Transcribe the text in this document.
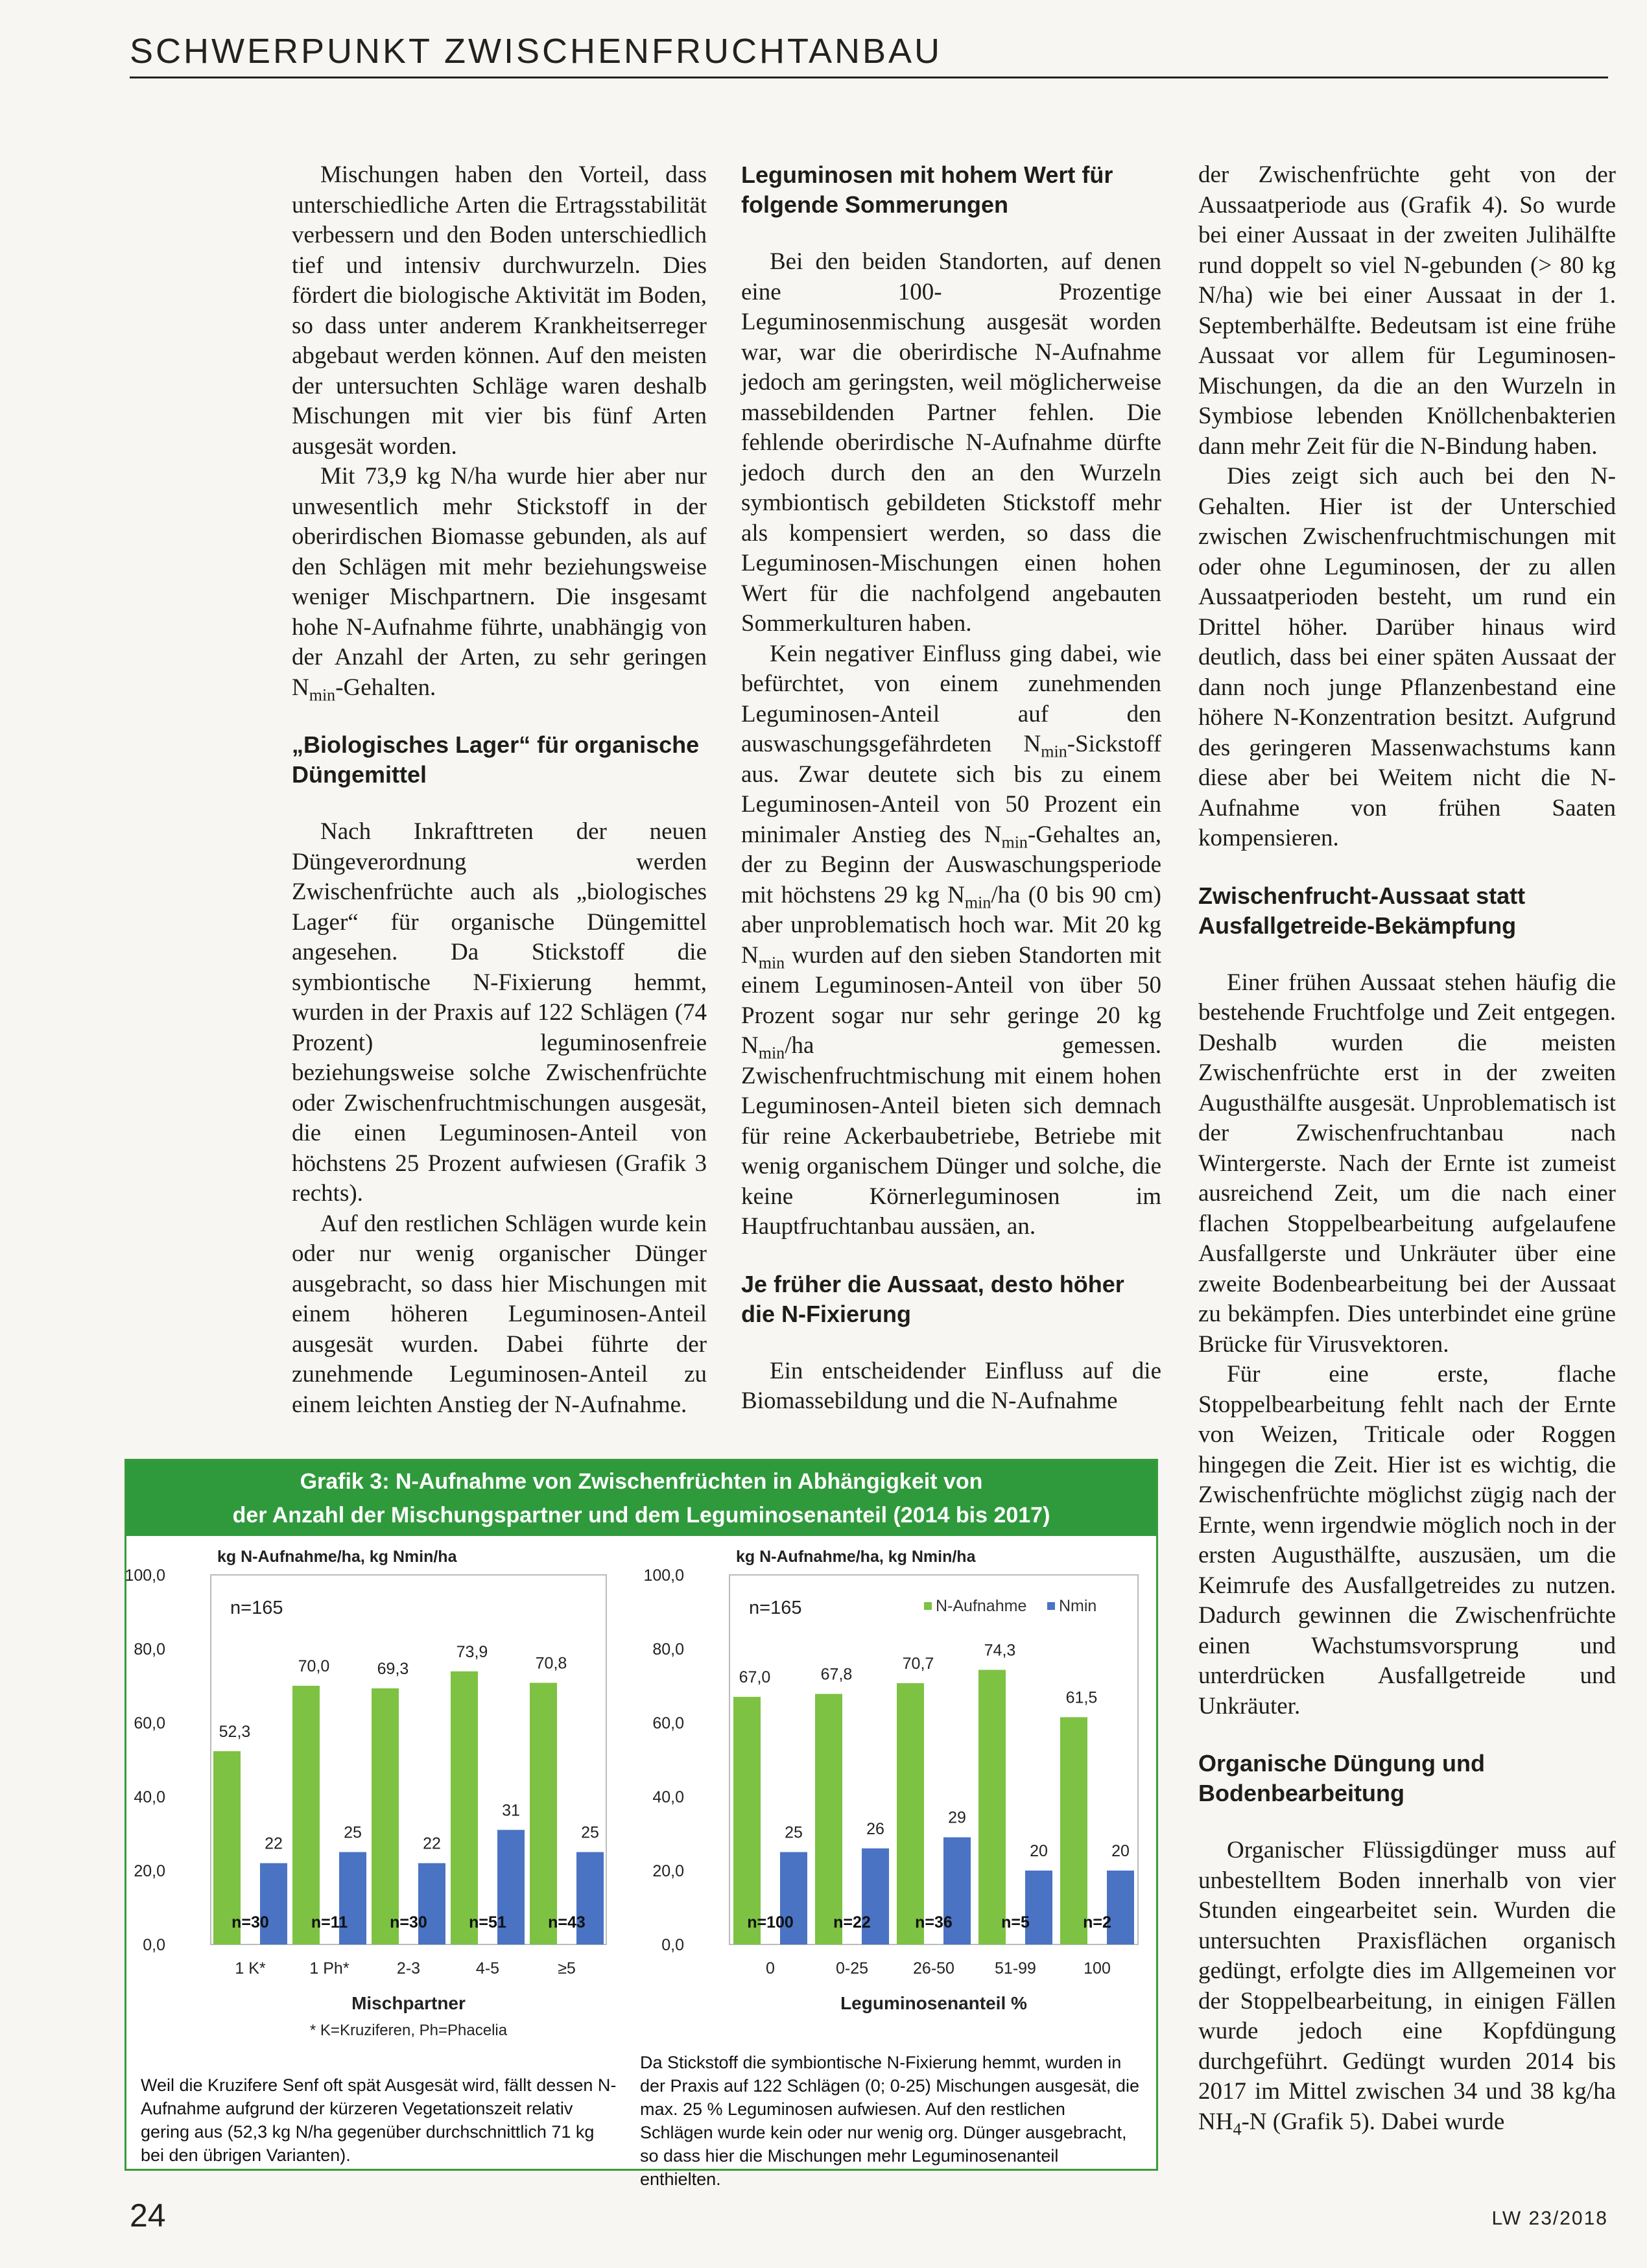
SCHWERPUNKT ZWISCHENFRUCHTANBAU

Mischungen haben den Vorteil, dass unterschiedliche Arten die Ertragsstabilität verbessern und den Boden unterschiedlich tief und intensiv durchwurzeln. Dies fördert die biologische Aktivität im Boden, so dass unter anderem Krankheitserreger abgebaut werden können. Auf den meisten der untersuchten Schläge waren deshalb Mischungen mit vier bis fünf Arten ausgesät worden.

Mit 73,9 kg N/ha wurde hier aber nur unwesentlich mehr Stickstoff in der oberirdischen Biomasse gebunden, als auf den Schlägen mit mehr beziehungsweise weniger Mischpartnern. Die insgesamt hohe N-Aufnahme führte, unabhängig von der Anzahl der Arten, zu sehr geringen $N_{min}$-Gehalten.

„Biologisches Lager“ für organische Düngemittel

Nach Inkrafttreten der neuen Düngeverordnung werden Zwischenfrüchte auch als „biologisches Lager“ für organische Düngemittel angesehen. Da Stickstoff die symbiontische N-Fixierung hemmt, wurden in der Praxis auf 122 Schlägen (74 Prozent) leguminosenfreie beziehungsweise solche Zwischenfrüchte oder Zwischenfruchtmischungen ausgesät, die einen Leguminosen-Anteil von höchstens 25 Prozent aufwiesen (Grafik 3 rechts).

Auf den restlichen Schlägen wurde kein oder nur wenig organischer Dünger ausgebracht, so dass hier Mischungen mit einem höheren Leguminosen-Anteil ausgesät wurden. Dabei führte der zunehmende Leguminosen-Anteil zu einem leichten Anstieg der N-Aufnahme.

Leguminosen mit hohem Wert für folgende Sommerungen

Bei den beiden Standorten, auf denen eine 100- Prozentige Leguminosenmischung ausgesät worden war, war die oberirdische N-Aufnahme jedoch am geringsten, weil möglicherweise massebildenden Partner fehlen. Die fehlende oberirdische N-Aufnahme dürfte jedoch durch den an den Wurzeln symbiontisch gebildeten Stickstoff mehr als kompensiert werden, so dass die Leguminosen-Mischungen einen hohen Wert für die nachfolgend angebauten Sommerkulturen haben.

Kein negativer Einfluss ging dabei, wie befürchtet, von einem zunehmenden Leguminosen-Anteil auf den auswaschungsgefährdeten $N_{min}$-Sickstoff aus. Zwar deutete sich bis zu einem Leguminosen-Anteil von 50 Prozent ein minimaler Anstieg des $N_{min}$-Gehaltes an, der zu Beginn der Auswaschungsperiode mit höchstens 29 kg $N_{min}/ha$ (0 bis 90 cm) aber unproblematisch hoch war. Mit 20 kg $N_{min}$ wurden auf den sieben Standorten mit einem Leguminosen-Anteil von über 50 Prozent sogar nur sehr geringe 20 kg $N_{min}/ha$ gemessen. Zwischenfruchtmischung mit einem hohen Leguminosen-Anteil bieten sich demnach für reine Ackerbaubetriebe, Betriebe mit wenig organischem Dünger und solche, die keine Körnerleguminosen im Hauptfruchtanbau aussäen, an.

Je früher die Aussaat, desto höher die N-Fixierung

Ein entscheidender Einfluss auf die Biomassebildung und die N-Aufnahme

der Zwischenfrüchte geht von der Aussaatperiode aus (Grafik 4). So wurde bei einer Aussaat in der zweiten Julihälfte rund doppelt so viel N-gebunden (> 80 kg N/ha) wie bei einer Aussaat in der 1. Septemberhälfte. Bedeutsam ist eine frühe Aussaat vor allem für Leguminosen-Mischungen, da die an den Wurzeln in Symbiose lebenden Knöllchenbakterien dann mehr Zeit für die N-Bindung haben.

Dies zeigt sich auch bei den N-Gehalten. Hier ist der Unterschied zwischen Zwischenfruchtmischungen mit oder ohne Leguminosen, der zu allen Aussaatperioden besteht, um rund ein Drittel höher. Darüber hinaus wird deutlich, dass bei einer späten Aussaat der dann noch junge Pflanzenbestand eine höhere N-Konzentration besitzt. Aufgrund des geringeren Massenwachstums kann diese aber bei Weitem nicht die N-Aufnahme von frühen Saaten kompensieren.

Zwischenfrucht-Aussaat statt Ausfallgetreide-Bekämpfung

Einer frühen Aussaat stehen häufig die bestehende Fruchtfolge und Zeit entgegen. Deshalb wurden die meisten Zwischenfrüchte erst in der zweiten Augusthälfte ausgesät. Unproblematisch ist der Zwischenfruchtanbau nach Wintergerste. Nach der Ernte ist zumeist ausreichend Zeit, um die nach einer flachen Stoppelbearbeitung aufgelaufene Ausfallgerste und Unkräuter über eine zweite Bodenbearbeitung bei der Aussaat zu bekämpfen. Dies unterbindet eine grüne Brücke für Virusvektoren.

Für eine erste, flache Stoppelbearbeitung fehlt nach der Ernte von Weizen, Triticale oder Roggen hingegen die Zeit. Hier ist es wichtig, die Zwischenfrüchte möglichst zügig nach der Ernte, wenn irgendwie möglich noch in der ersten Augusthälfte, auszusäen, um die Keimrufe des Ausfallgetreides zu nutzen. Dadurch gewinnen die Zwischenfrüchte einen Wachstumsvorsprung und unterdrücken Ausfallgetreide und Unkräuter.

Organische Düngung und Bodenbearbeitung

Organischer Flüssigdünger muss auf unbestelltem Boden innerhalb von vier Stunden eingearbeitet sein. Wurden die untersuchten Praxisflächen organisch gedüngt, erfolgte dies im Allgemeinen vor der Stoppelbearbeitung, in einigen Fällen wurde jedoch eine Kopfdüngung durchgeführt. Gedüngt wurden 2014 bis 2017 im Mittel zwischen 34 und 38 kg/ha $NH_4-N$ (Grafik 5). Dabei wurde

Grafik 3: N-Aufnahme von Zwischenfrüchten in Abhängigkeit von
der Anzahl der Mischungspartner und dem Leguminosenanteil (2014 bis 2017)
kg N-Aufnahme/ha, kg Nmin/ha
0,0
20,0
40,0
60,0
80,0
100,0
n=165
52,3
22
n=30
1 K*
70,0
25
n=11
1 Ph*
69,3
22
n=30
2-3
73,9
31
n=51
4-5
70,8
25
n=43
≥5
Mischpartner
* K=Kruziferen, Ph=Phacelia
kg N-Aufnahme/ha, kg Nmin/ha
0,0
20,0
40,0
60,0
80,0
100,0
n=165	N-Aufnahme Nmin
67,0
25
n=100
0
67,8
26
n=22
0-25
70,7
29
n=36
26-50
74,3
20
n=5
51-99
61,5
20
n=2
100
Leguminosenanteil %
Weil die Kruzifere Senf oft spät Ausgesät wird, fällt dessen N-Aufnahme aufgrund der kürzeren Vegetationszeit relativ gering aus (52,3 kg N/ha gegenüber durchschnittlich 71 kg bei den übrigen Varianten).
Da Stickstoff die symbiontische N-Fixierung hemmt, wurden in der Praxis auf 122 Schlägen (0; 0-25) Mischungen ausgesät, die max. 25 % Leguminosen aufwiesen. Auf den restlichen Schlägen wurde kein oder nur wenig org. Dünger ausgebracht, so dass hier die Mischungen mehr Leguminosenanteil enthielten.
24	LW 23/2018
